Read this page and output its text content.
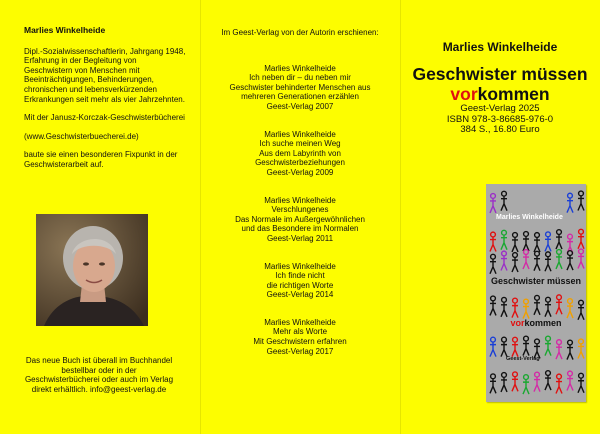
Marlies Winkelheide

Dipl.-Sozialwissenschaftlerin, Jahrgang 1948, Erfahrung in der Begleitung von Geschwistern von Menschen mit Beeinträchtigungen, Behinderungen, chronischen und lebensverkürzenden Erkrankungen seit mehr als vier Jahrzehnten.

Mit der Janusz-Korczak-Geschwisterbücherei

(www.Geschwisterbuecherei.de)

baute sie einen besonderen Fixpunkt in der Geschwisterarbeit auf.

Das neue Buch ist überall im Buchhandel bestellbar oder in der Geschwisterbücherei oder auch im Verlag direkt erhältlich. info@geest-verlag.de
Im Geest-Verlag von der Autorin erschienen:
Marlies Winkelheide
Ich neben dir – du neben mir
Geschwister behinderter Menschen aus
mehreren Generationen erzählen
Geest-Verlag 2007
Marlies Winkelheide
Ich suche meinen Weg
Aus dem Labyrinth von
Geschwisterbeziehungen
Geest-Verlag 2009
Marlies Winkelheide
Verschlungenes
Das Normale im Außergewöhnlichen
und das Besondere im Normalen
Geest-Verlag 2011
Marlies Winkelheide
Ich finde nicht
die richtigen Worte
Geest-Verlag 2014
Marlies Winkelheide
Mehr als Worte
Mit Geschwistern erfahren
Geest-Verlag 2017
Marlies Winkelheide
Geschwister müssen
vorkommen
Geest-Verlag 2025
ISBN 978-3-86685-976-0
384 S., 16.80 Euro
Marlies Winkelheide
Geschwister müssen
vorkommen
Geest-Verlag
